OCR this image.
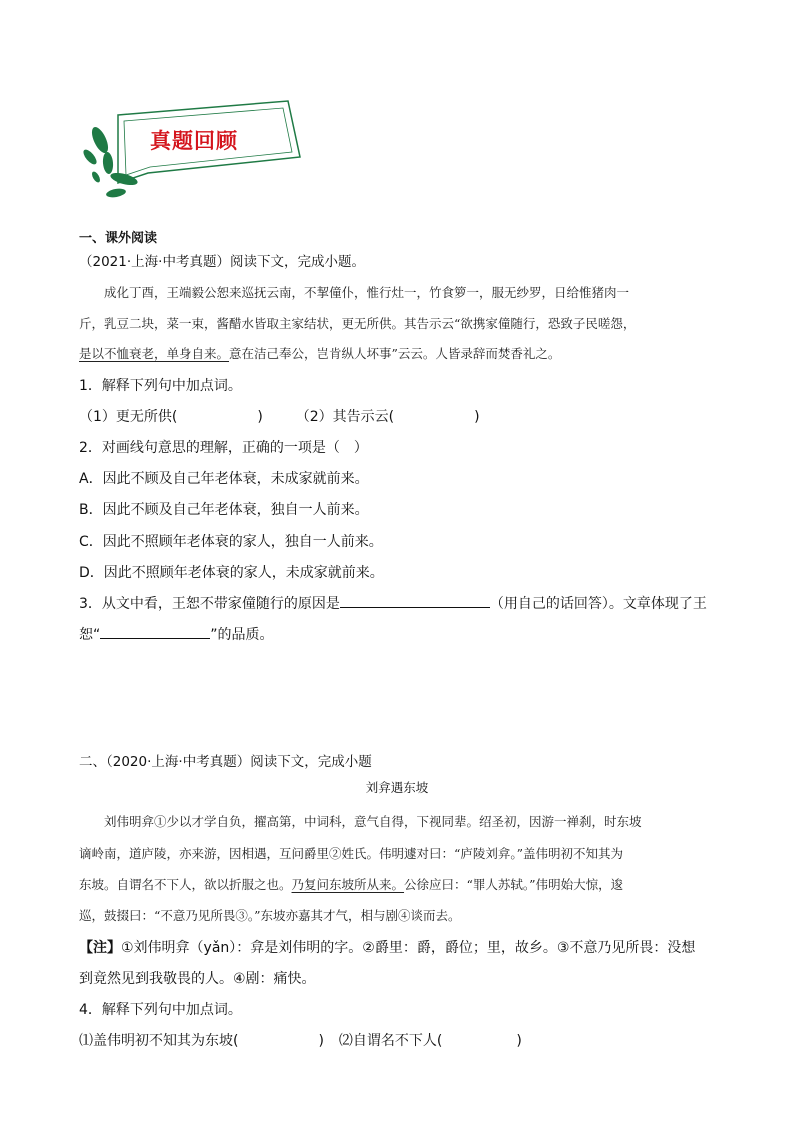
真题回顾
一、课外阅读
（2021·上海·中考真题）阅读下文，完成小题。
成化丁酉，王端毅公恕来巡抚云南，不挈僮仆，惟行灶一，竹食箩一，服无纱罗，日给惟猪肉一
斤，乳豆二块，菜一束，酱醋水皆取主家结状，更无所供。其告示云“欲携家僮随行，恐致子民嗟怨，
是以不恤衰老，单身自来。意在洁己奉公，岂肯纵人坏事”云云。人皆录辞而焚香礼之。
1．解释下列句中加点词。
（1）更无所供(	) （2）其告示云(	)
2．对画线句意思的理解，正确的一项是（　）
A．因此不顾及自己年老体衰，未成家就前来。
B．因此不顾及自己年老体衰，独自一人前来。
C．因此不照顾年老体衰的家人，独自一人前来。
D．因此不照顾年老体衰的家人，未成家就前来。
3．从文中看，王恕不带家僮随行的原因是	（用自己的话回答）。文章体现了王
恕“	”的品质。
二、（2020·上海·中考真题）阅读下文，完成小题
刘弇遇东坡
刘伟明弇①少以才学自负，擢高第，中词科，意气自得，下视同辈。绍圣初，因游一禅刹，时东坡
谪岭南，道庐陵，亦来游，因相遇，互问爵里②姓氏。伟明遽对曰：“庐陵刘弇。”盖伟明初不知其为
东坡。自谓名不下人，欲以折服之也。乃复问东坡所从来。公徐应曰：“罪人苏轼。”伟明始大惊，逡
巡，鼓掇曰：“不意乃见所畏③。”东坡亦嘉其才气，相与剧④谈而去。
【注】①刘伟明弇（yǎn）：弇是刘伟明的字。②爵里：爵，爵位；里，故乡。③不意乃见所畏：没想
到竟然见到我敬畏的人。④剧：痛快。
4．解释下列句中加点词。
⑴盖伟明初不知其为东坡(	) ⑵自谓名不下人(	)
